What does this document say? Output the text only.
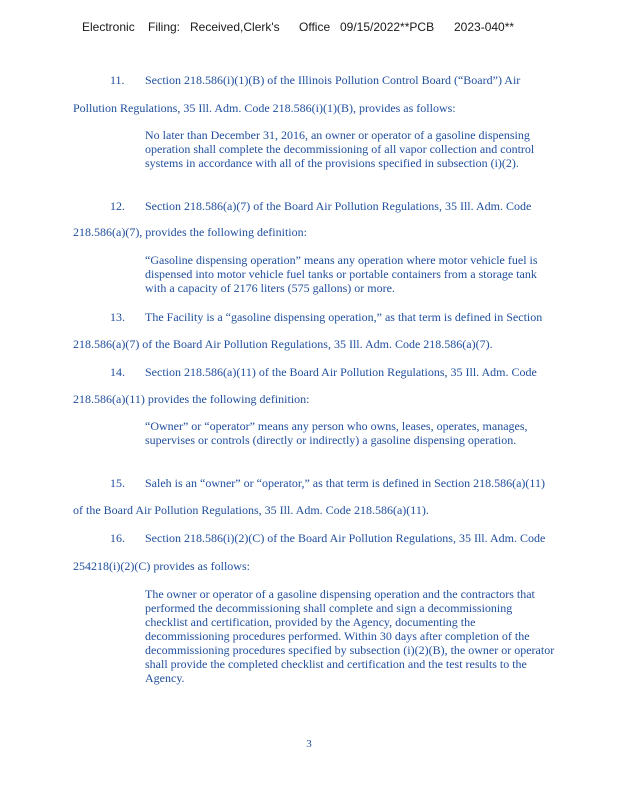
Electronic Filing: Received,Clerk's Office 09/15/2022**PCB 2023-040**
11. Section 218.586(i)(1)(B) of the Illinois Pollution Control Board (“Board”) Air
Pollution Regulations, 35 Ill. Adm. Code 218.586(i)(1)(B), provides as follows:
No later than December 31, 2016, an owner or operator of a gasoline dispensing operation shall complete the decommissioning of all vapor collection and control systems in accordance with all of the provisions specified in subsection (i)(2).
12. Section 218.586(a)(7) of the Board Air Pollution Regulations, 35 Ill. Adm. Code
218.586(a)(7), provides the following definition:
“Gasoline dispensing operation” means any operation where motor vehicle fuel is dispensed into motor vehicle fuel tanks or portable containers from a storage tank with a capacity of 2176 liters (575 gallons) or more.
13. The Facility is a “gasoline dispensing operation,” as that term is defined in Section
218.586(a)(7) of the Board Air Pollution Regulations, 35 Ill. Adm. Code 218.586(a)(7).
14. Section 218.586(a)(11) of the Board Air Pollution Regulations, 35 Ill. Adm. Code
218.586(a)(11) provides the following definition:
“Owner” or “operator” means any person who owns, leases, operates, manages, supervises or controls (directly or indirectly) a gasoline dispensing operation.
15. Saleh is an “owner” or “operator,” as that term is defined in Section 218.586(a)(11)
of the Board Air Pollution Regulations, 35 Ill. Adm. Code 218.586(a)(11).
16. Section 218.586(i)(2)(C) of the Board Air Pollution Regulations, 35 Ill. Adm. Code
254218(i)(2)(C) provides as follows:
The owner or operator of a gasoline dispensing operation and the contractors that performed the decommissioning shall complete and sign a decommissioning checklist and certification, provided by the Agency, documenting the decommissioning procedures performed. Within 30 days after completion of the decommissioning procedures specified by subsection (i)(2)(B), the owner or operator shall provide the completed checklist and certification and the test results to the Agency.
3
